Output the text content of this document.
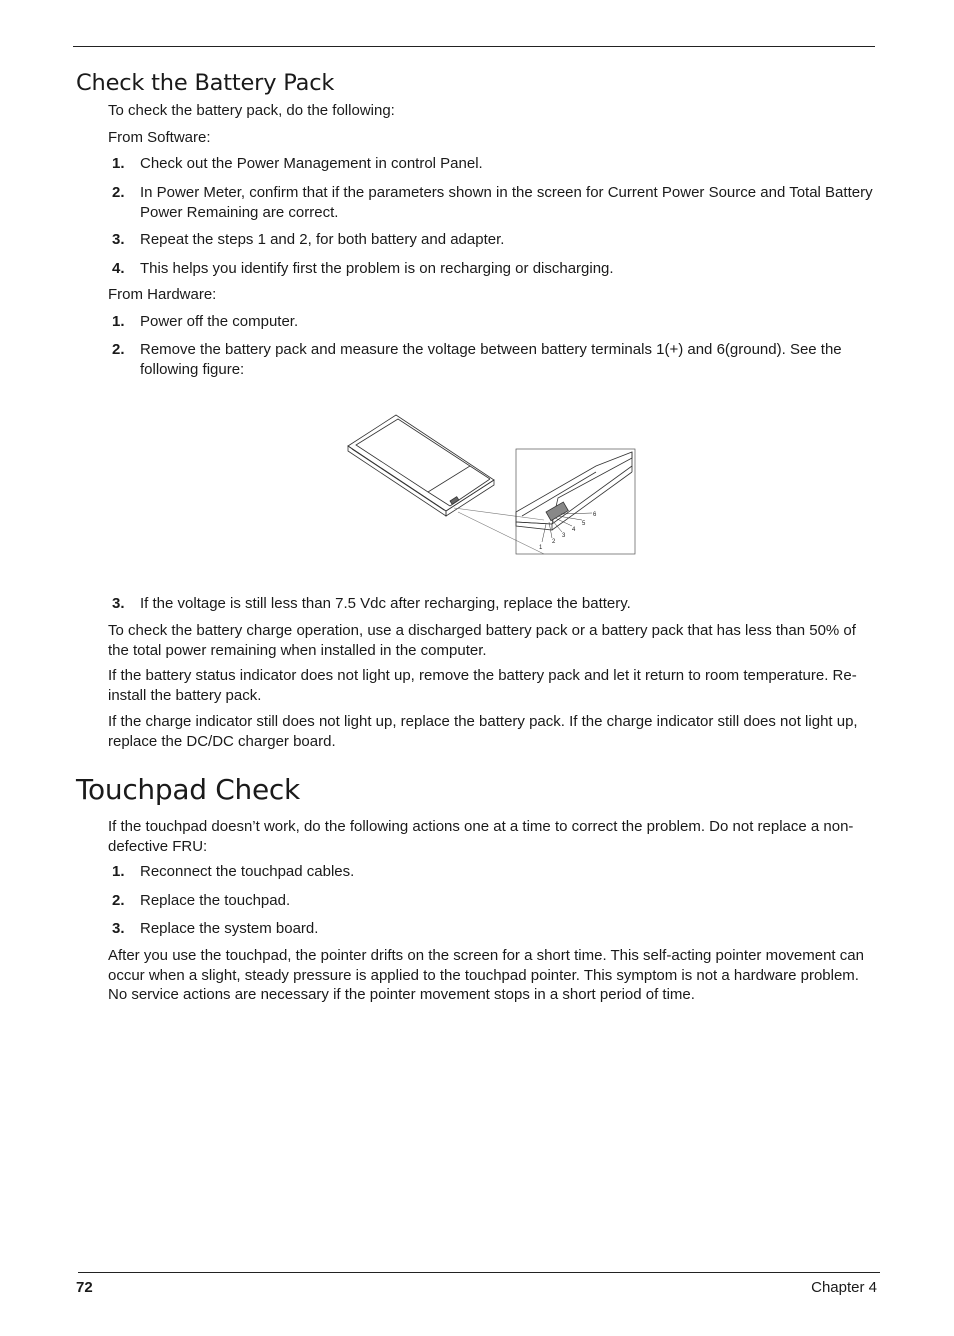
Check the Battery Pack
To check the battery pack, do the following:
From Software:
1. Check out the Power Management in control Panel.
2. In Power Meter, confirm that if the parameters shown in the screen for Current Power Source and Total Battery Power Remaining are correct.
3. Repeat the steps 1 and 2, for both battery and adapter.
4. This helps you identify first the problem is on recharging or discharging.
From Hardware:
1. Power off the computer.
2. Remove the battery pack and measure the voltage between battery terminals 1(+) and 6(ground). See the following figure:
1
2
3
4
5
6
3. If the voltage is still less than 7.5 Vdc after recharging, replace the battery.
To check the battery charge operation, use a discharged battery pack or a battery pack that has less than 50% of the total power remaining when installed in the computer.
If the battery status indicator does not light up, remove the battery pack and let it return to room temperature. Re-install the battery pack.
If the charge indicator still does not light up, replace the battery pack. If the charge indicator still does not light up, replace the DC/DC charger board.
Touchpad Check
If the touchpad doesn’t work, do the following actions one at a time to correct the problem. Do not replace a non-defective FRU:
1. Reconnect the touchpad cables.
2. Replace the touchpad.
3. Replace the system board.
After you use the touchpad, the pointer drifts on the screen for a short time. This self-acting pointer movement can occur when a slight, steady pressure is applied to the touchpad pointer. This symptom is not a hardware problem. No service actions are necessary if the pointer movement stops in a short period of time.
72	Chapter 4
